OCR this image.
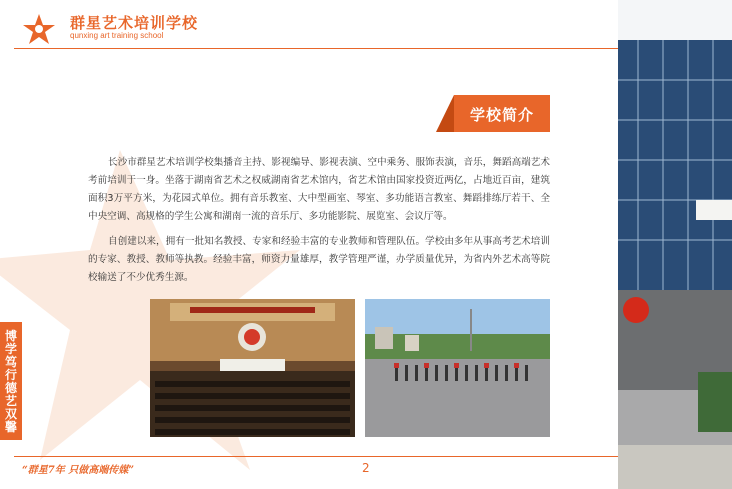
群星艺术培训学校
qunxing art training school
学校简介

长沙市群星艺术培训学校集播音主持、影视编导、影视表演、空中乘务、服饰表演，音乐，舞蹈高端艺术考前培训于一身。坐落于湖南省艺术之权威湖南省艺术馆内，省艺术馆由国家投资近两亿，占地近百亩，建筑面积3万平方米，为花园式单位。拥有音乐教室、大中型画室、琴室、多功能语言教室、舞蹈排练厅若干、全中央空调、高规格的学生公寓和湖南一流的音乐厅、多功能影院、展览室、会议厅等。

自创建以来，拥有一批知名教授、专家和经验丰富的专业教师和管理队伍。学校由多年从事高考艺术培训的专家、教授、教师等执教。经验丰富，师资力量雄厚，教学管理严谨，办学质量优异，为省内外艺术高等院校输送了不少优秀生源。

博学笃行 德艺双馨
“群星7年 只做高端传媒”	2
